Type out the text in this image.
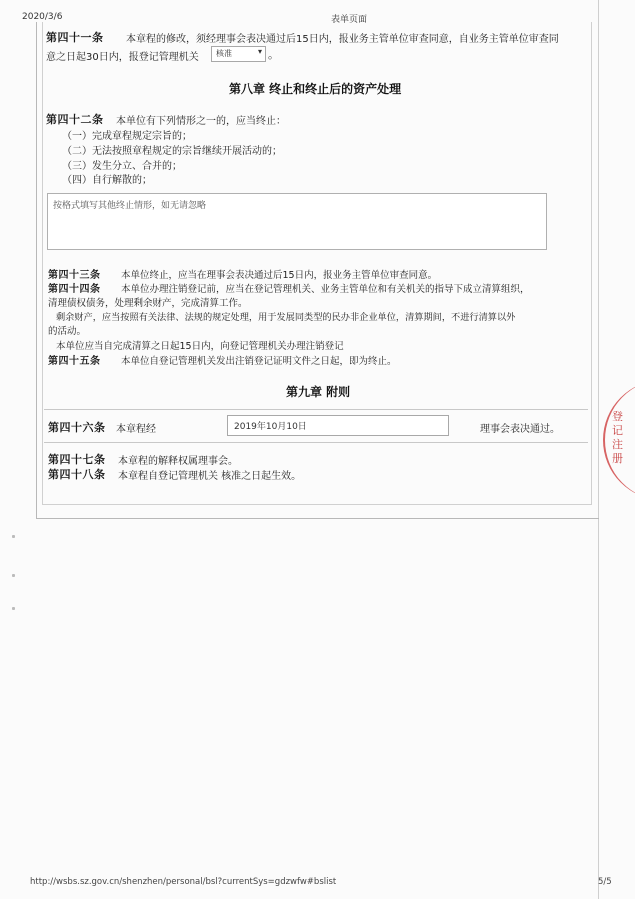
2020/3/6	表单页面
第四十一条 本章程的修改，须经理事会表决通过后15日内，报业务主管单位审查同意，自业务主管单位审查同
意之日起30日内，报登记管理机关 核准	▾ 。
第八章 终止和终止后的资产处理
第四十二条 本单位有下列情形之一的，应当终止：
（一）完成章程规定宗旨的；
（二）无法按照章程规定的宗旨继续开展活动的；
（三）发生分立、合并的；
（四）自行解散的；
按格式填写其他终止情形，如无请忽略
第四十三条 本单位终止，应当在理事会表决通过后15日内，报业务主管单位审查同意。
第四十四条 本单位办理注销登记前，应当在登记管理机关、业务主管单位和有关机关的指导下成立清算组织，
清理债权债务，处理剩余财产，完成清算工作。
剩余财产，应当按照有关法律、法规的规定处理，用于发展同类型的民办非企业单位，清算期间，不进行清算以外
的活动。
本单位应当自完成清算之日起15日内，向登记管理机关办理注销登记
第四十五条 本单位自登记管理机关发出注销登记证明文件之日起，即为终止。
第九章 附则
第四十六条 本章程经	2019年10月10日	理事会表决通过。
第四十七条 本章程的解释权属理事会。
第四十八条 本章程自登记管理机关 核准之日起生效。
登记注册
http://wsbs.sz.gov.cn/shenzhen/personal/bsl?currentSys=gdzwfw#bslist	5/5
